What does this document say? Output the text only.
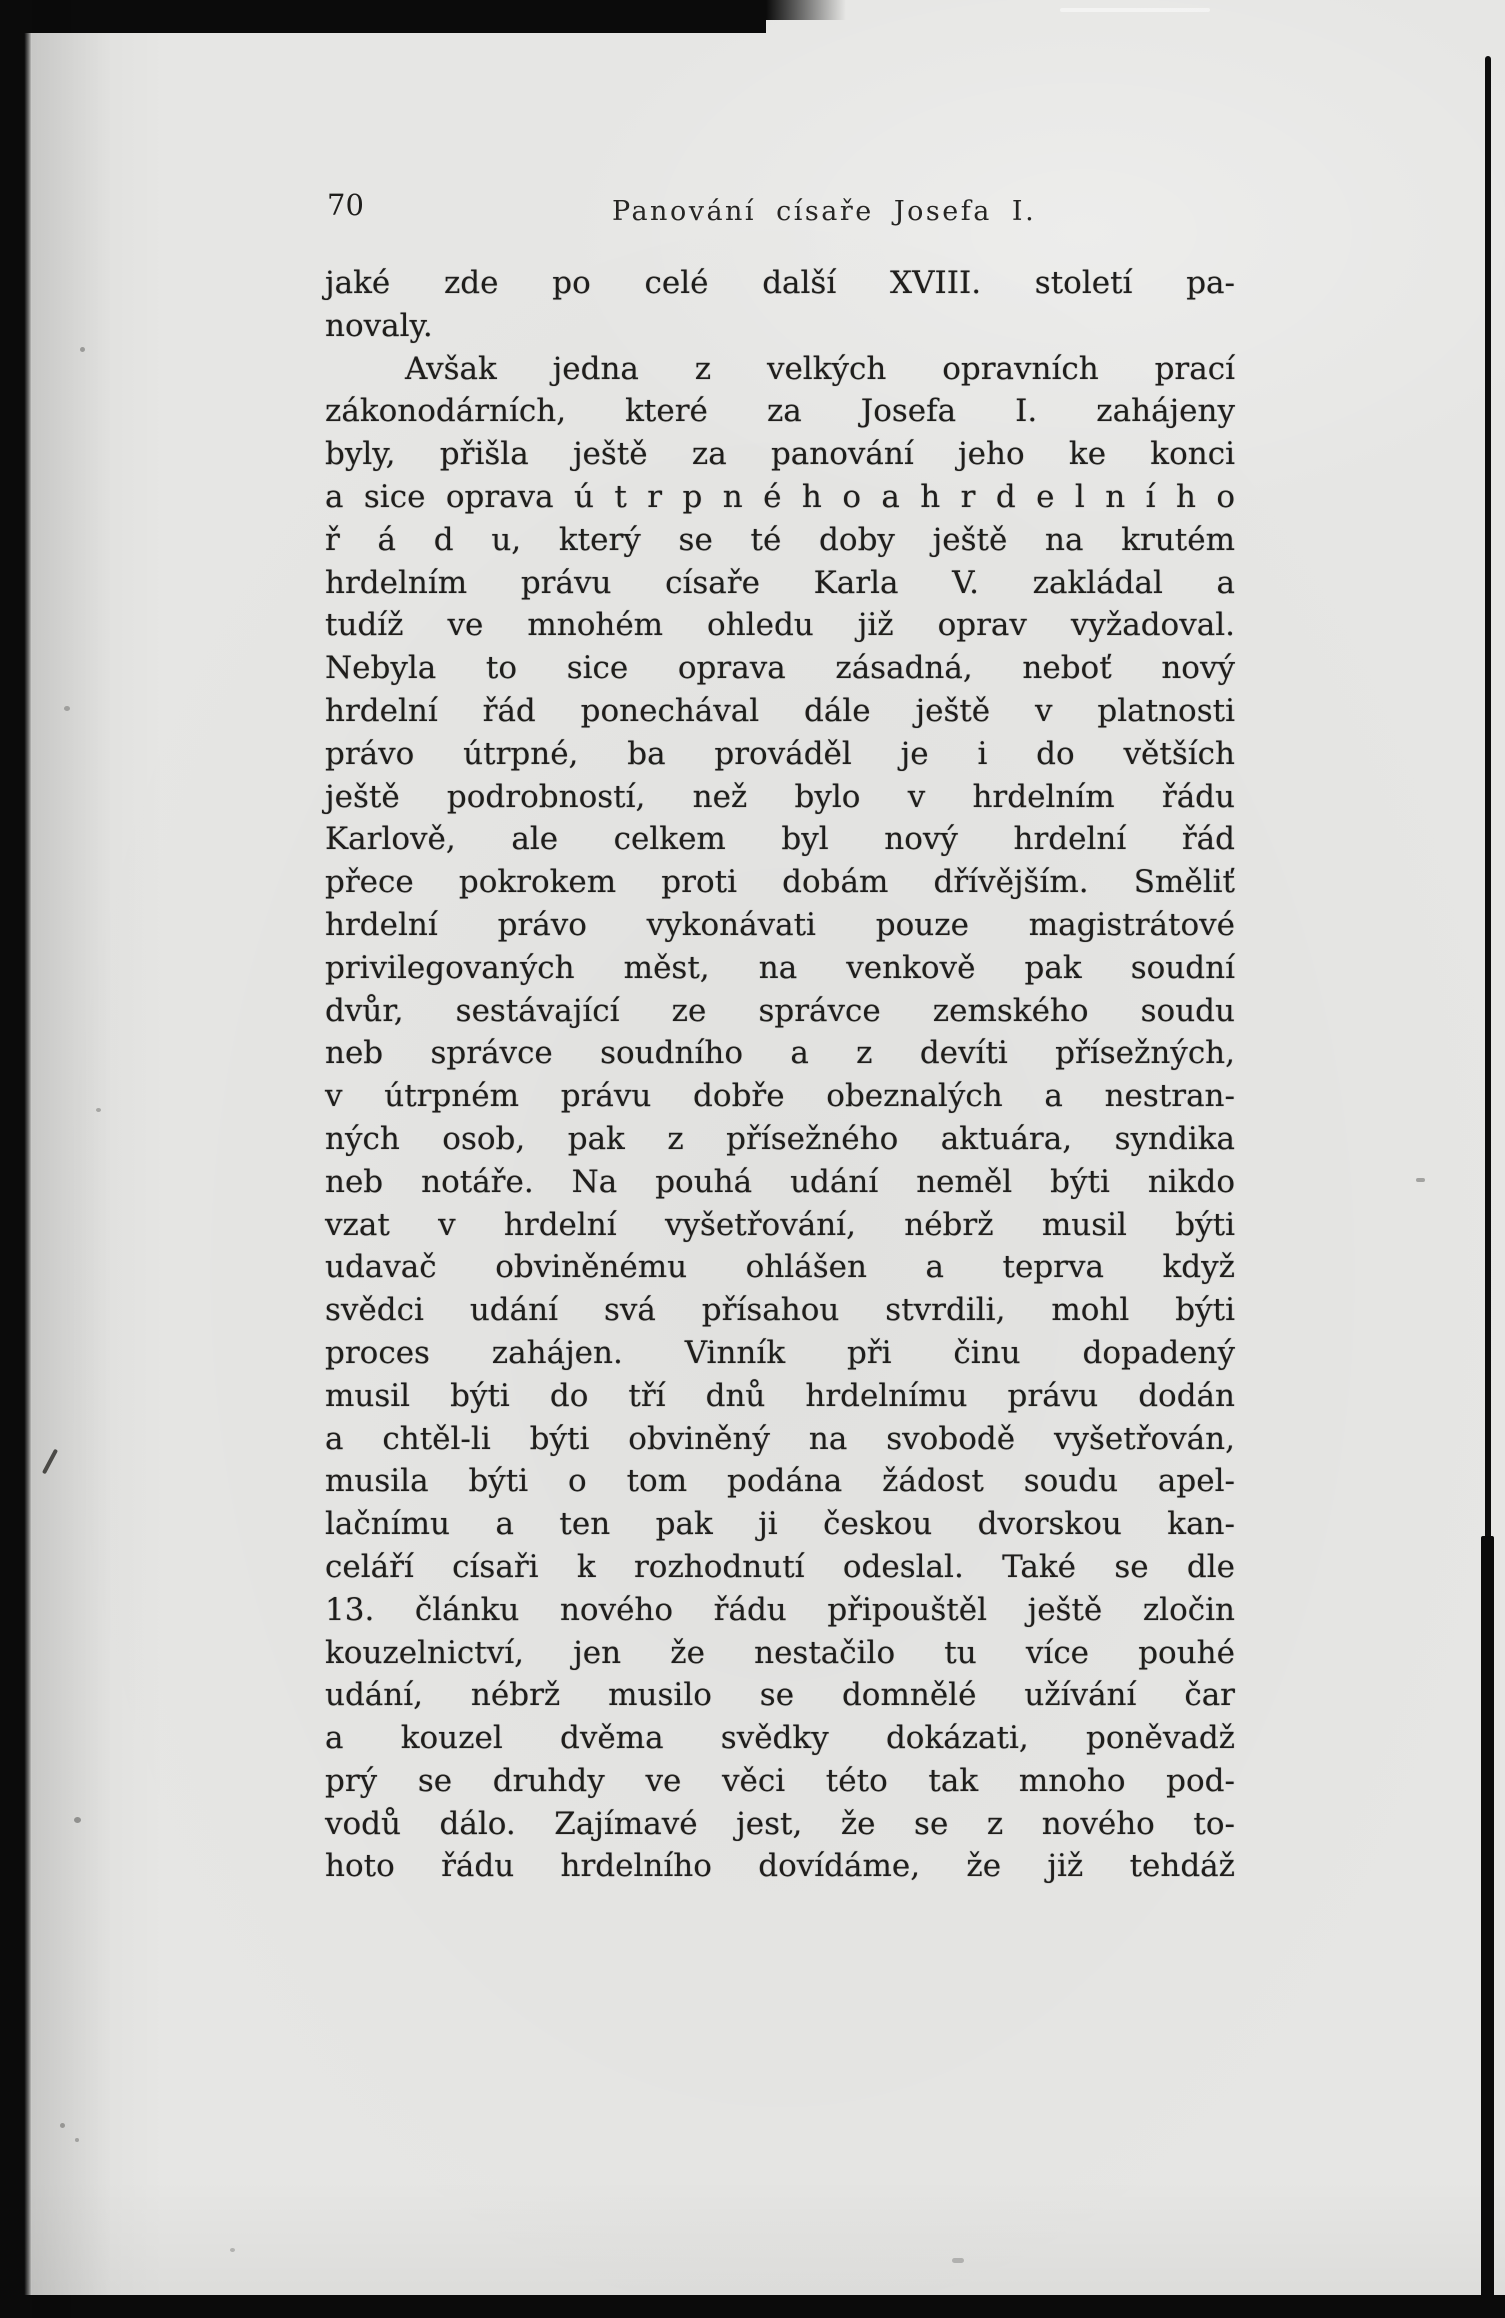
70	Panování císaře Josefa I.
jaké zde po celé další XVIII. století pa-
novaly.
Avšak jedna z velkých opravních prací
zákonodárních, které za Josefa I. zahájeny
byly, přišla ještě za panování jeho ke konci
a sice oprava ú t r p n é h o a h r d e l n í h o
ř á d u, který se té doby ještě na krutém
hrdelním právu císaře Karla V. zakládal a
tudíž ve mnohém ohledu již oprav vyžadoval.
Nebyla to sice oprava zásadná, neboť nový
hrdelní řád ponechával dále ještě v platnosti
právo útrpné, ba prováděl je i do větších
ještě podrobností, než bylo v hrdelním řádu
Karlově, ale celkem byl nový hrdelní řád
přece pokrokem proti dobám dřívějším. Směliť
hrdelní právo vykonávati pouze magistrátové
privilegovaných měst, na venkově pak soudní
dvůr, sestávající ze správce zemského soudu
neb správce soudního a z devíti přísežných,
v útrpném právu dobře obeznalých a nestran-
ných osob, pak z přísežného aktuára, syndika
neb notáře. Na pouhá udání neměl býti nikdo
vzat v hrdelní vyšetřování, nébrž musil býti
udavač obviněnému ohlášen a teprva když
svědci udání svá přísahou stvrdili, mohl býti
proces zahájen. Vinník při činu dopadený
musil býti do tří dnů hrdelnímu právu dodán
a chtěl-li býti obviněný na svobodě vyšetřován,
musila býti o tom podána žádost soudu apel-
lačnímu a ten pak ji českou dvorskou kan-
celáří císaři k rozhodnutí odeslal. Také se dle
13. článku nového řádu připouštěl ještě zločin
kouzelnictví, jen že nestačilo tu více pouhé
udání, nébrž musilo se domnělé užívání čar
a kouzel dvěma svědky dokázati, poněvadž
prý se druhdy ve věci této tak mnoho pod-
vodů dálo. Zajímavé jest, že se z nového to-
hoto řádu hrdelního dovídáme, že již tehdáž
